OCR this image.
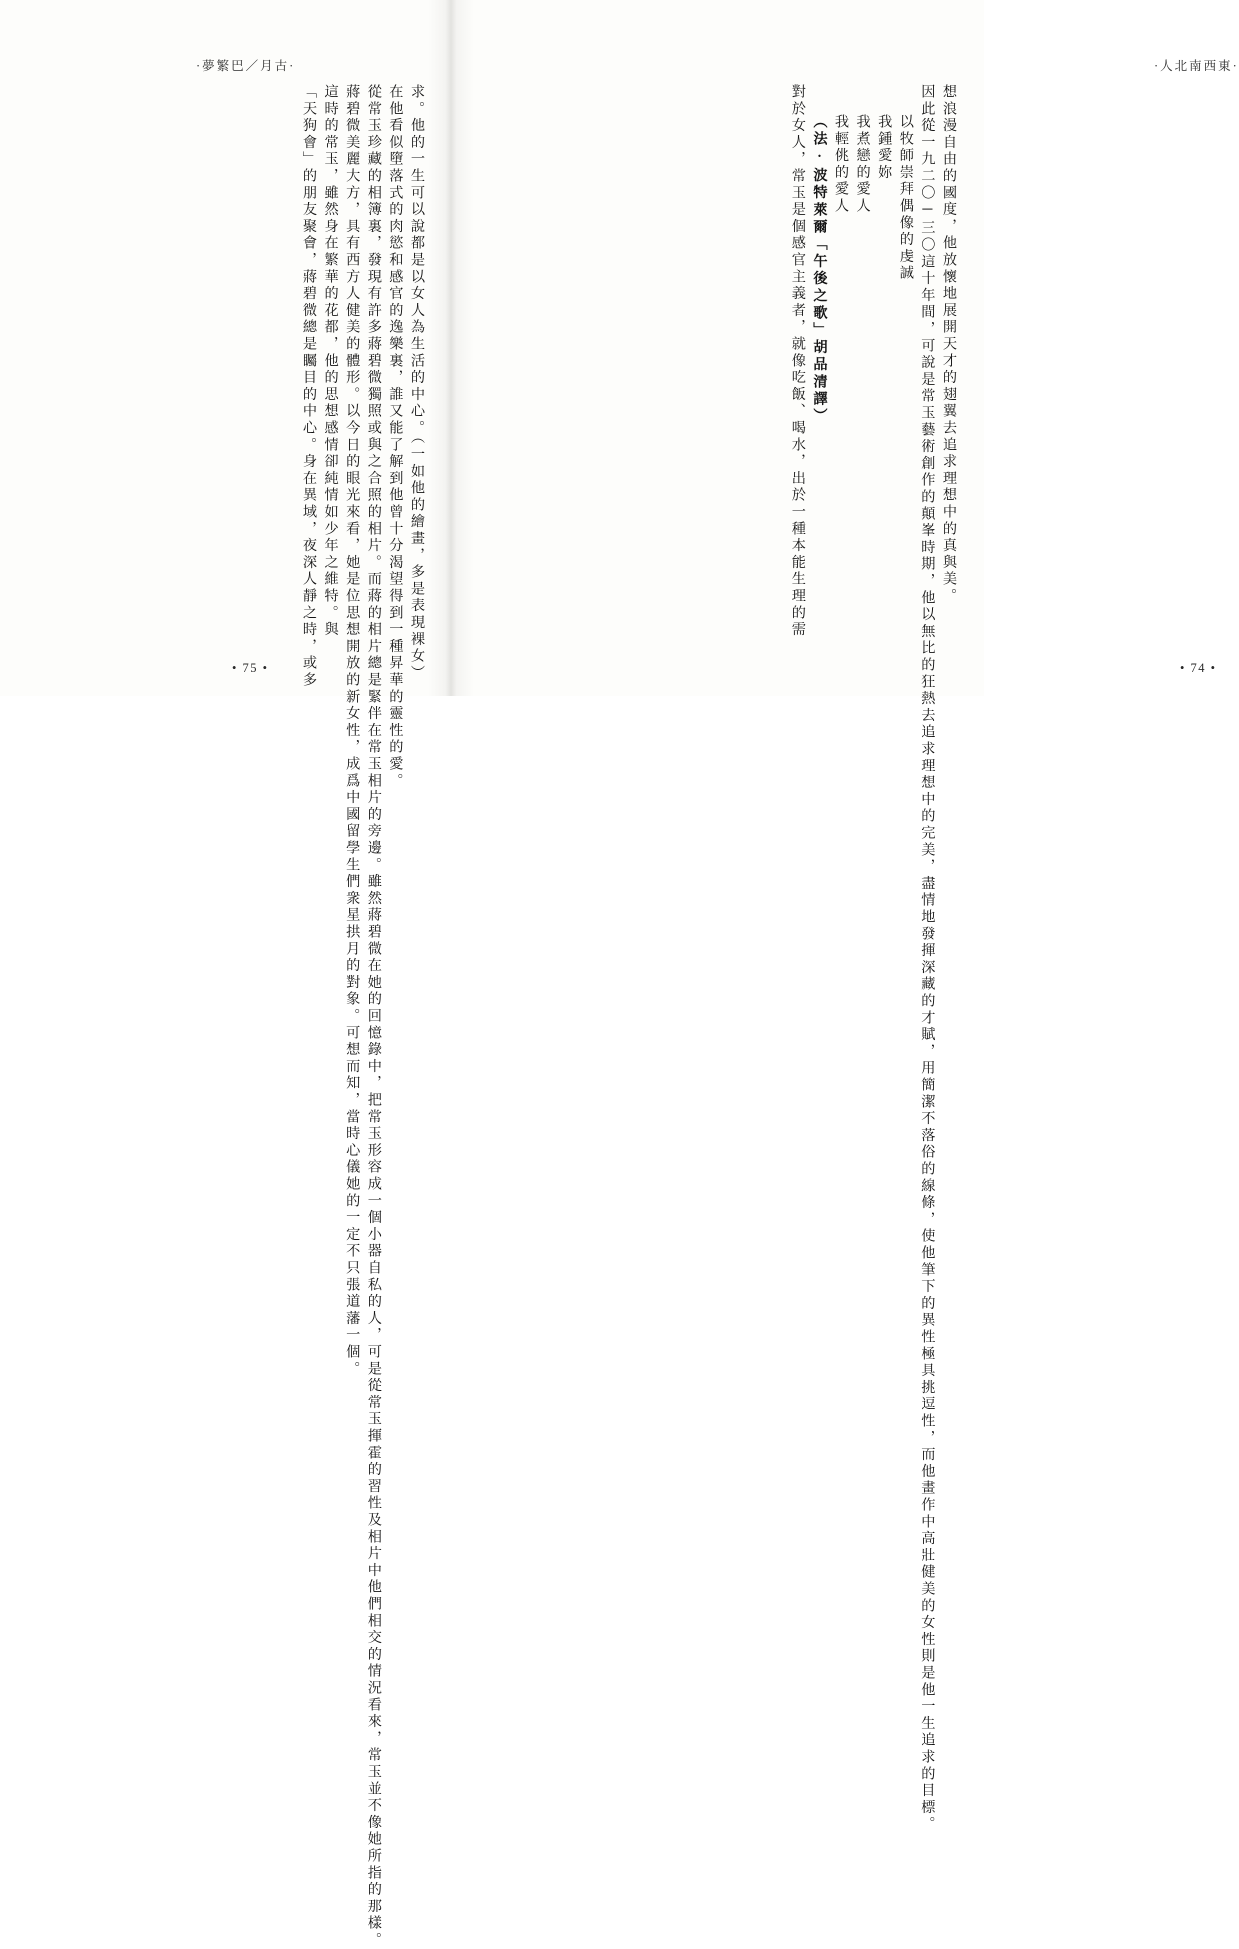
·人北南西東·
想浪漫自由的國度，他放懷地展開天才的翅翼去追求理想中的真與美。
因此從一九二〇─三〇這十年間，可說是常玉藝術創作的顛峯時期，他以無比的狂熱去追求理想中的完美，盡情地發揮深藏的才賦，用簡潔不落俗的線條，使他筆下的異性極具挑逗性，而他畫作中高壯健美的女性則是他一生追求的目標。
以牧師崇拜偶像的虔誠
我鍾愛妳
我煮戀的愛人
我輕佻的愛人
（法·波特萊爾「午後之歌」胡品清譯）
對於女人，常玉是個感官主義者，就像吃飯、喝水，出於一種本能生理的需
• 74 •
·夢繁巴／月古·
求。他的一生可以說都是以女人為生活的中心。（一如他的繪畫，多是表現裸女）
在他看似墮落式的肉慾和感官的逸樂裏，誰又能了解到他曾十分渴望得到一種昇華的靈性的愛。
從常玉珍藏的相簿裏，發現有許多蔣碧微獨照或與之合照的相片。而蔣的相片總是緊伴在常玉相片的旁邊。雖然蔣碧微在她的回憶錄中，把常玉形容成一個小器自私的人，可是從常玉揮霍的習性及相片中他們相交的情況看來，常玉並不像她所指的那樣。
蔣碧微美麗大方，具有西方人健美的體形。以今日的眼光來看，她是位思想開放的新女性，成爲中國留學生們衆星拱月的對象。可想而知，當時心儀她的一定不只張道藩一個。
這時的常玉，雖然身在繁華的花都，他的思想感情卻純情如少年之維特。與
「天狗會」的朋友聚會，蔣碧微總是矚目的中心。身在異域，夜深人靜之時，或多
• 75 •
